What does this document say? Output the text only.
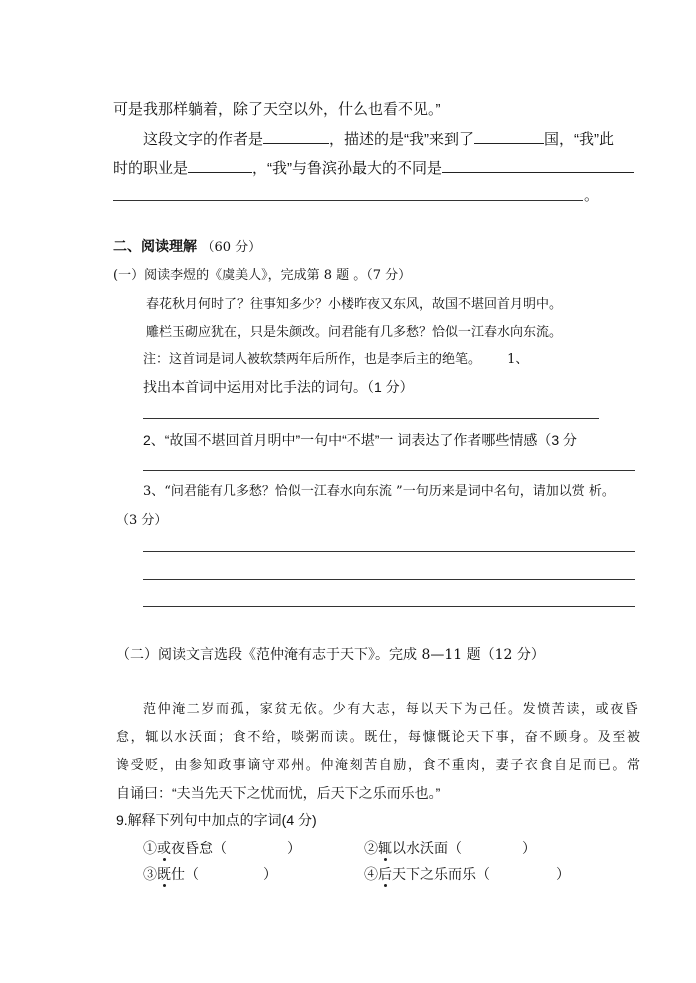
可是我那样躺着，除了天空以外，什么也看不见。”
这段文字的作者是	，描述的是“我”来到了	国，“我”此
时的职业是	，“我”与鲁滨孙最大的不同是
。
二、阅读理解 （60 分）
(一）阅读李煜的《虞美人》，完成第 8 题 。（7 分）
春花秋月何时了？往事知多少？小楼昨夜又东风，故国不堪回首月明中。
雕栏玉砌应犹在，只是朱颜改。问君能有几多愁？恰似一江春水向东流。
注：这首词是词人被软禁两年后所作，也是李后主的绝笔。 1、
找出本首词中运用对比手法的词句。（1 分）
2、“故国不堪回首月明中”一句中“不堪”一 词表达了作者哪些情感（3 分
3、“问君能有几多愁？恰似一江春水向东流 ”一句历来是词中名句，请加以赏 析。
（3 分）
（二）阅读文言选段《范仲淹有志于天下》。完成 8—11 题（12 分）
范仲淹二岁而孤，家贫无依。少有大志，每以天下为己任。发愤苦读，或夜昏
怠，辄以水沃面；食不给，啖粥而读。既仕，每慷慨论天下事，奋不顾身。及至被
谗受贬，由参知政事谪守邓州。仲淹刻苦自励，食不重肉，妻子衣食自足而已。常
自诵曰：“夫当先天下之忧而忧，后天下之乐而乐也。”
9.解释下列句中加点的字词(4 分)
①或夜昏怠（	）	②辄以水沃面（	）
③既仕（	）	④后天下之乐而乐（	）
